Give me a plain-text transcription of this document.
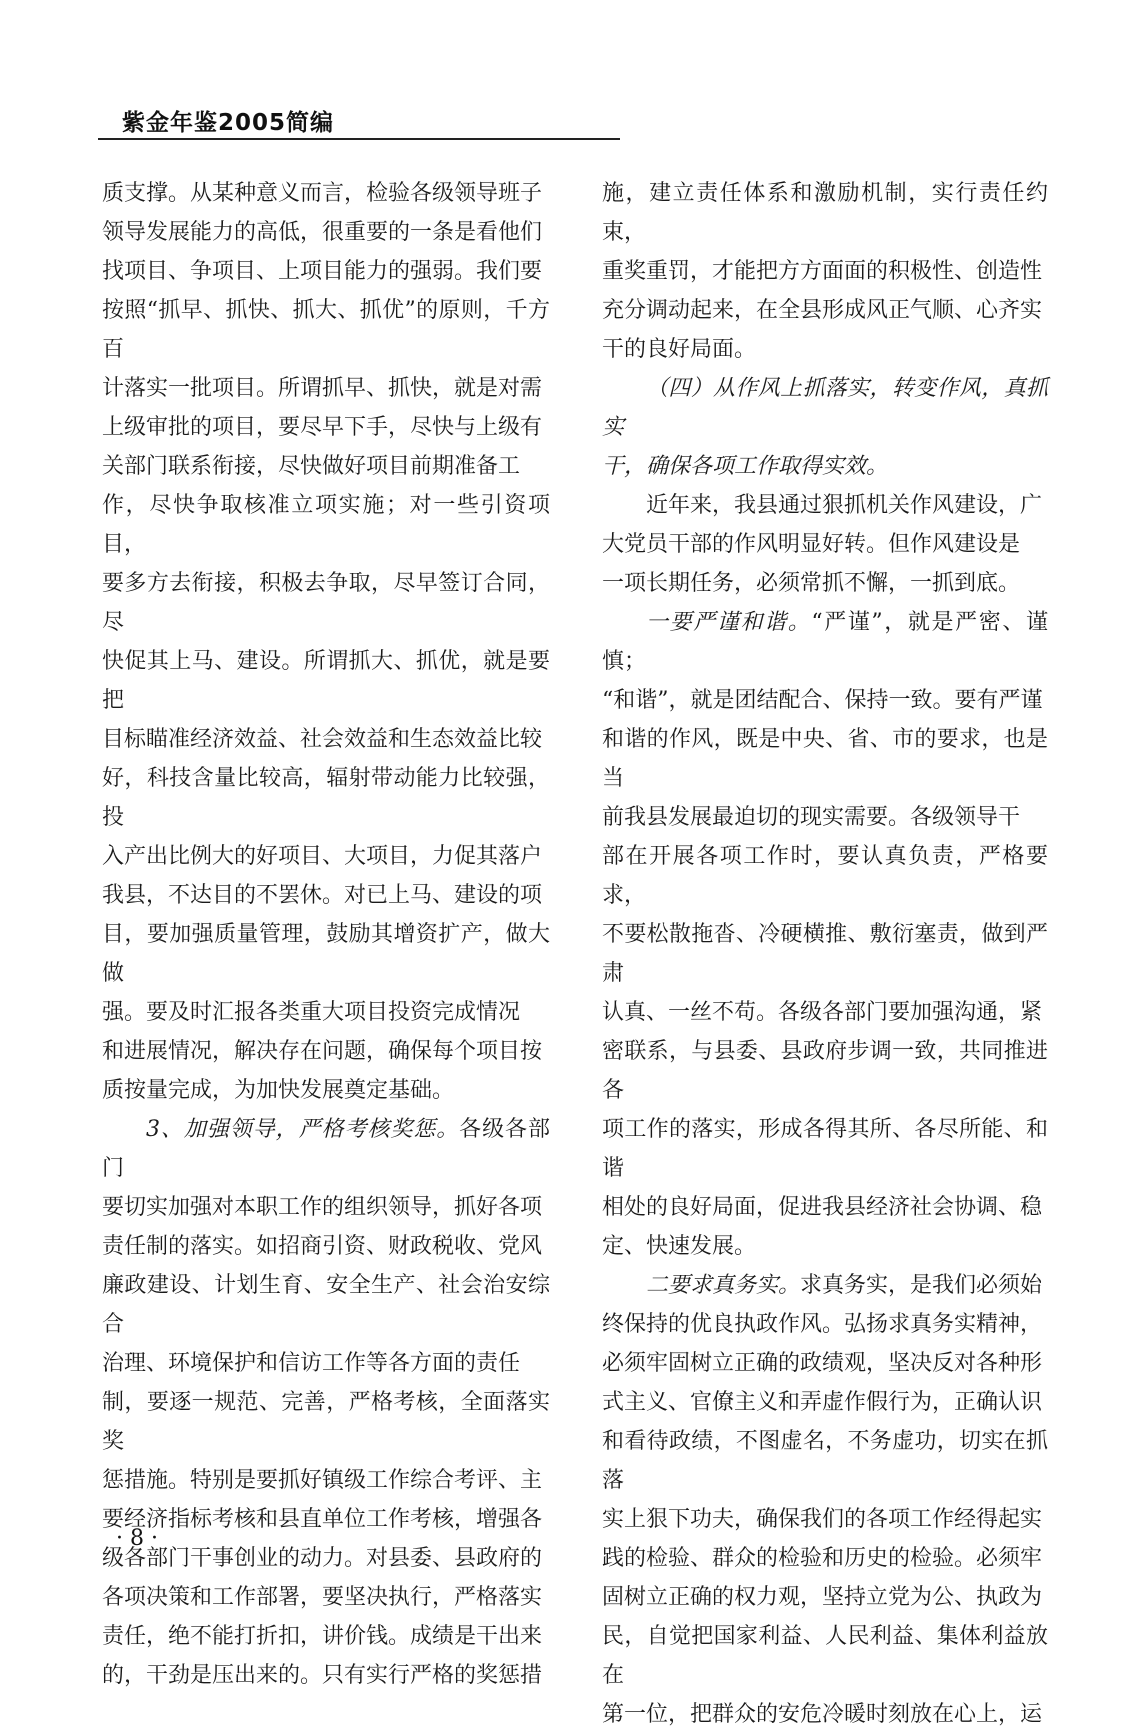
紫金年鉴2005简编

质支撑。从某种意义而言，检验各级领导班子
领导发展能力的高低，很重要的一条是看他们
找项目、争项目、上项目能力的强弱。我们要
按照“抓早、抓快、抓大、抓优”的原则，千方百
计落实一批项目。所谓抓早、抓快，就是对需
上级审批的项目，要尽早下手，尽快与上级有
关部门联系衔接，尽快做好项目前期准备工
作，尽快争取核准立项实施；对一些引资项目，
要多方去衔接，积极去争取，尽早签订合同，尽
快促其上马、建设。所谓抓大、抓优，就是要把
目标瞄准经济效益、社会效益和生态效益比较
好，科技含量比较高，辐射带动能力比较强，投
入产出比例大的好项目、大项目，力促其落户
我县，不达目的不罢休。对已上马、建设的项
目，要加强质量管理，鼓励其增资扩产，做大做
强。要及时汇报各类重大项目投资完成情况
和进展情况，解决存在问题，确保每个项目按
质按量完成，为加快发展奠定基础。

3、加强领导，严格考核奖惩。各级各部门
要切实加强对本职工作的组织领导，抓好各项
责任制的落实。如招商引资、财政税收、党风
廉政建设、计划生育、安全生产、社会治安综合
治理、环境保护和信访工作等各方面的责任
制，要逐一规范、完善，严格考核，全面落实奖
惩措施。特别是要抓好镇级工作综合考评、主
要经济指标考核和县直单位工作考核，增强各
级各部门干事创业的动力。对县委、县政府的
各项决策和工作部署，要坚决执行，严格落实
责任，绝不能打折扣，讲价钱。成绩是干出来
的，干劲是压出来的。只有实行严格的奖惩措

施，建立责任体系和激励机制，实行责任约束，
重奖重罚，才能把方方面面的积极性、创造性
充分调动起来，在全县形成风正气顺、心齐实
干的良好局面。

（四）从作风上抓落实，转变作风，真抓实
干，确保各项工作取得实效。

近年来，我县通过狠抓机关作风建设，广
大党员干部的作风明显好转。但作风建设是
一项长期任务，必须常抓不懈，一抓到底。

一要严谨和谐。“严谨”，就是严密、谨慎；
“和谐”，就是团结配合、保持一致。要有严谨
和谐的作风，既是中央、省、市的要求，也是当
前我县发展最迫切的现实需要。各级领导干
部在开展各项工作时，要认真负责，严格要求，
不要松散拖沓、冷硬横推、敷衍塞责，做到严肃
认真、一丝不苟。各级各部门要加强沟通，紧
密联系，与县委、县政府步调一致，共同推进各
项工作的落实，形成各得其所、各尽所能、和谐
相处的良好局面，促进我县经济社会协调、稳
定、快速发展。

二要求真务实。求真务实，是我们必须始
终保持的优良执政作风。弘扬求真务实精神，
必须牢固树立正确的政绩观，坚决反对各种形
式主义、官僚主义和弄虚作假行为，正确认识
和看待政绩，不图虚名，不务虚功，切实在抓落
实上狠下功夫，确保我们的各项工作经得起实
践的检验、群众的检验和历史的检验。必须牢
固树立正确的权力观，坚持立党为公、执政为
民，自觉把国家利益、人民利益、集体利益放在
第一位，把群众的安危冷暖时刻放在心上，运

· 8 ·
